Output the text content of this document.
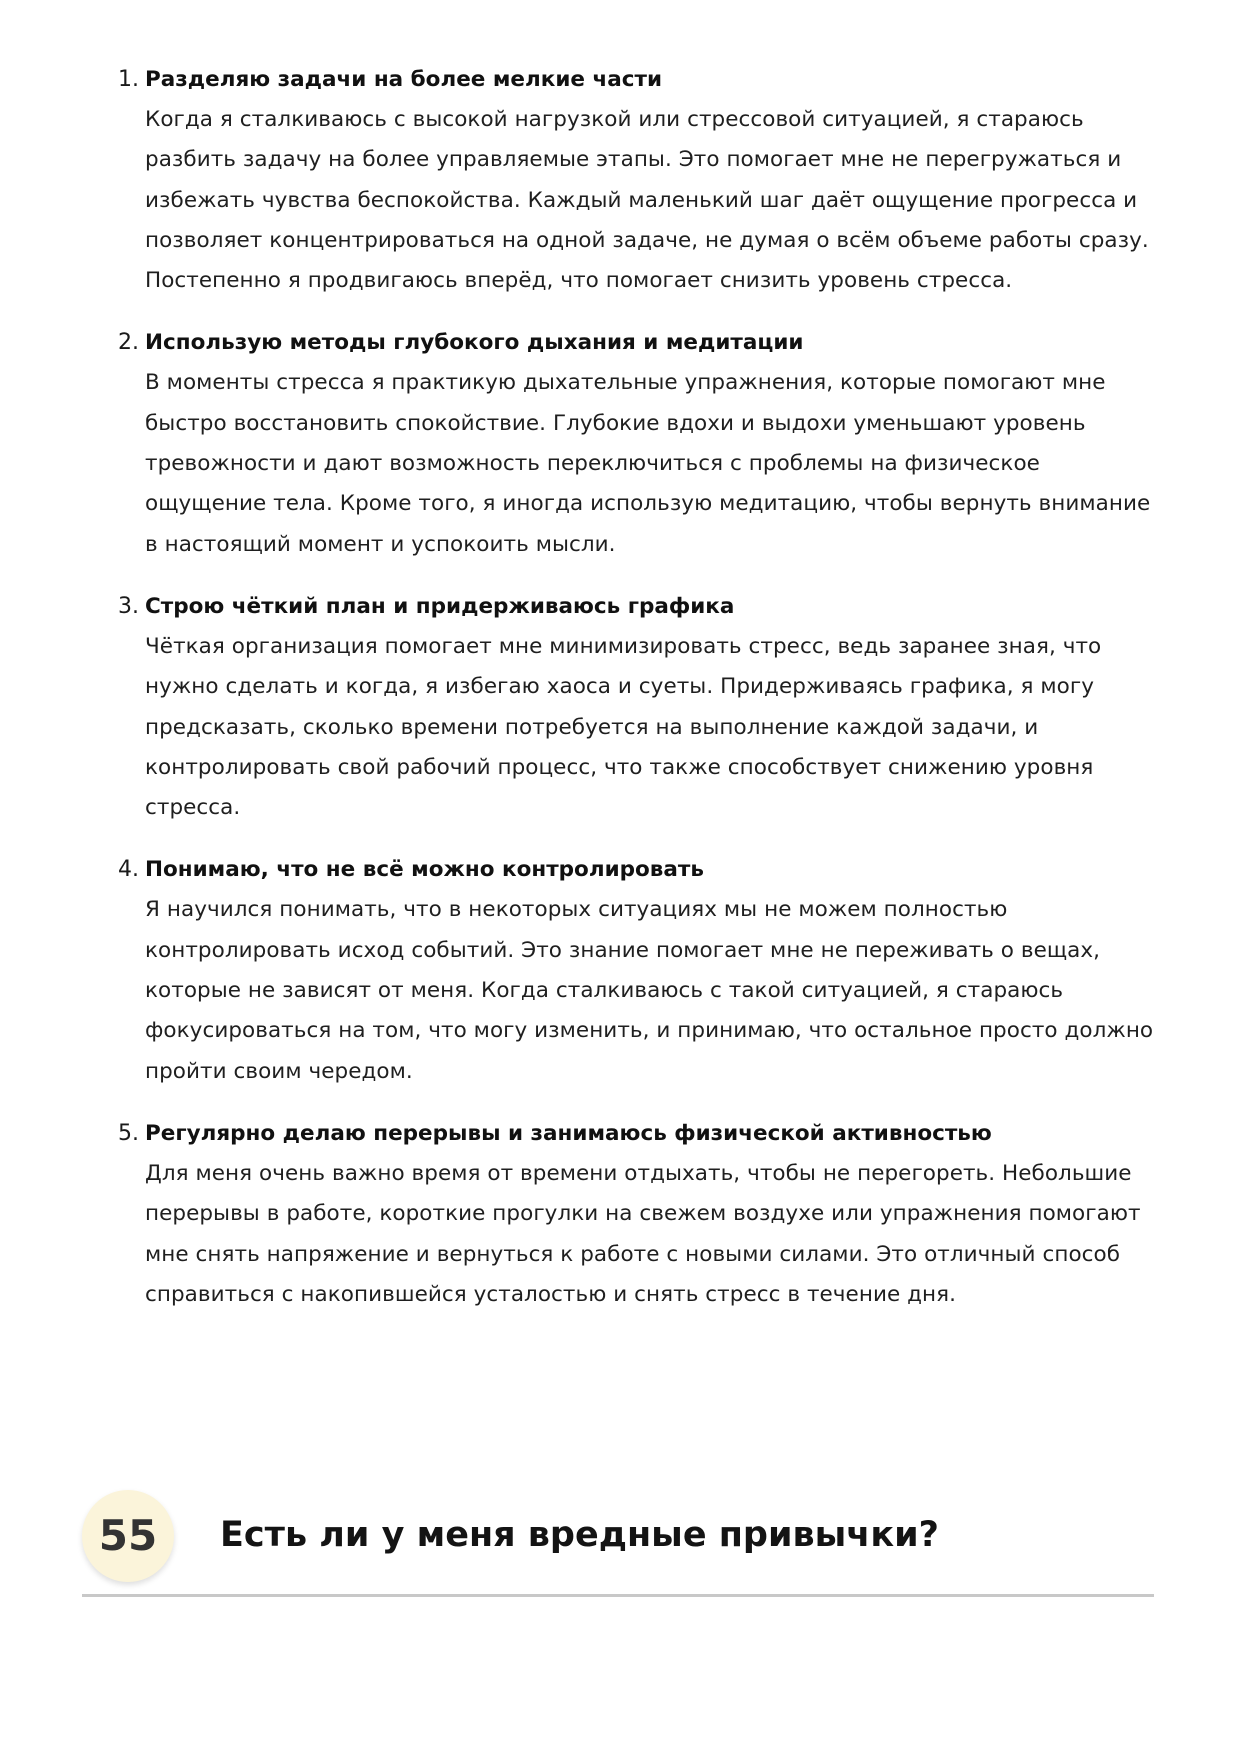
1. Разделяю задачи на более мелкие части

Когда я сталкиваюсь с высокой нагрузкой или стрессовой ситуацией, я стараюсь
разбить задачу на более управляемые этапы. Это помогает мне не перегружаться и
избежать чувства беспокойства. Каждый маленький шаг даёт ощущение прогресса и
позволяет концентрироваться на одной задаче, не думая о всём объеме работы сразу.
Постепенно я продвигаюсь вперёд, что помогает снизить уровень стресса.
2. Использую методы глубокого дыхания и медитации

В моменты стресса я практикую дыхательные упражнения, которые помогают мне
быстро восстановить спокойствие. Глубокие вдохи и выдохи уменьшают уровень
тревожности и дают возможность переключиться с проблемы на физическое
ощущение тела. Кроме того, я иногда использую медитацию, чтобы вернуть внимание
в настоящий момент и успокоить мысли.
3. Строю чёткий план и придерживаюсь графика

Чёткая организация помогает мне минимизировать стресс, ведь заранее зная, что
нужно сделать и когда, я избегаю хаоса и суеты. Придерживаясь графика, я могу
предсказать, сколько времени потребуется на выполнение каждой задачи, и
контролировать свой рабочий процесс, что также способствует снижению уровня
стресса.
4. Понимаю, что не всё можно контролировать

Я научился понимать, что в некоторых ситуациях мы не можем полностью
контролировать исход событий. Это знание помогает мне не переживать о вещах,
которые не зависят от меня. Когда сталкиваюсь с такой ситуацией, я стараюсь
фокусироваться на том, что могу изменить, и принимаю, что остальное просто должно
пройти своим чередом.
5. Регулярно делаю перерывы и занимаюсь физической активностью

Для меня очень важно время от времени отдыхать, чтобы не перегореть. Небольшие
перерывы в работе, короткие прогулки на свежем воздухе или упражнения помогают
мне снять напряжение и вернуться к работе с новыми силами. Это отличный способ
справиться с накопившейся усталостью и снять стресс в течение дня.
55 Есть ли у меня вредные привычки?
